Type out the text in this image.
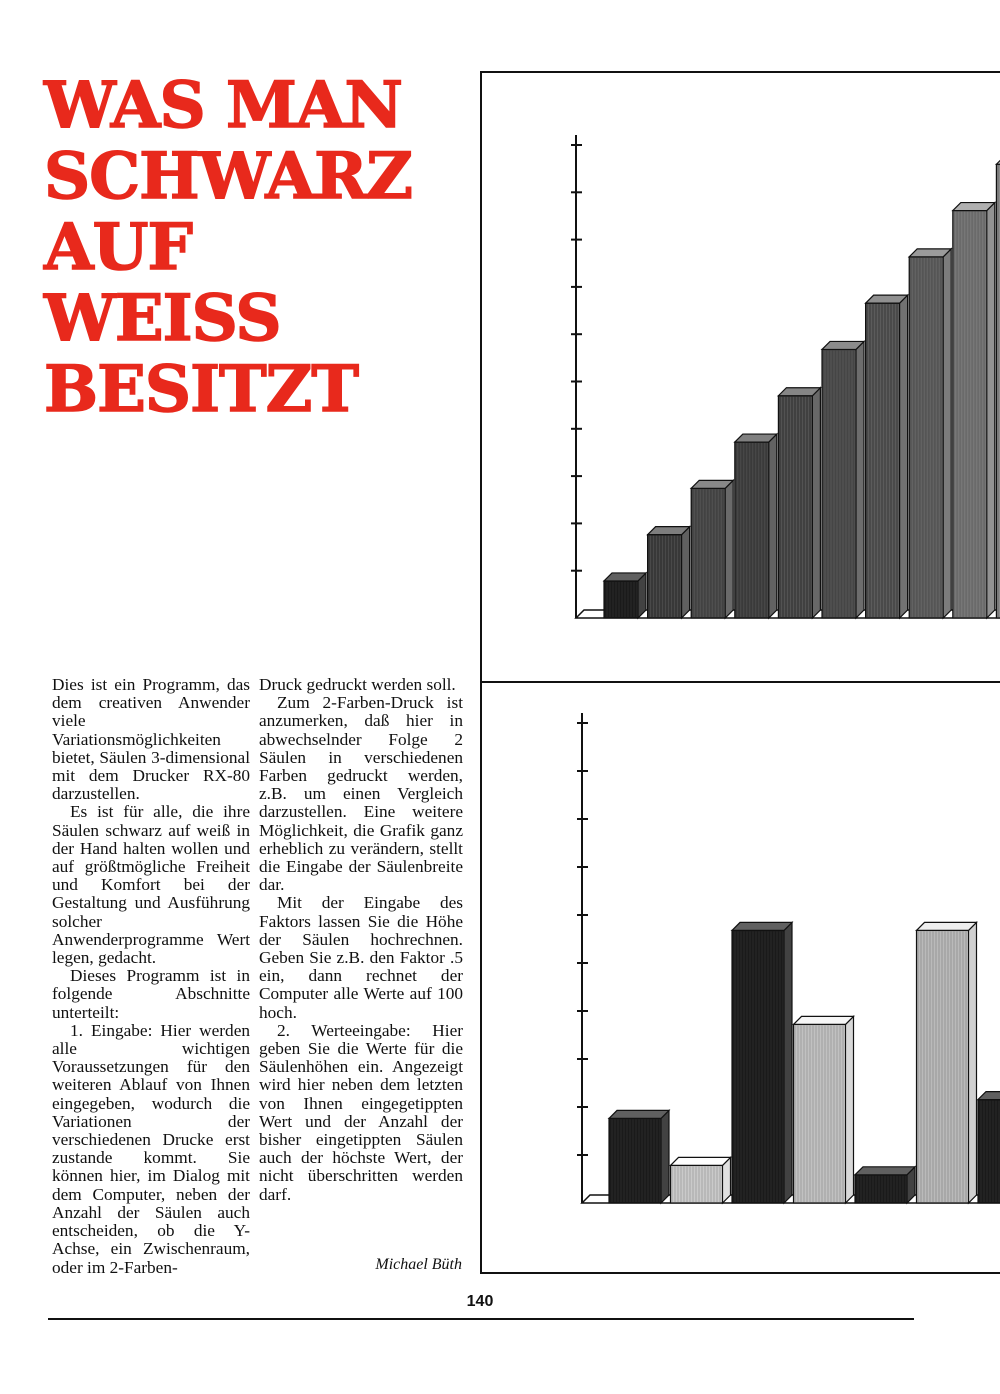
WAS MAN
SCHWARZ
AUF
WEISS
BESITZT

Dies ist ein Programm, das dem creativen Anwender viele Variationsmöglichkeiten bietet, Säulen 3-dimensional mit dem Drucker RX-80 darzustellen.

Es ist für alle, die ihre Säulen schwarz auf weiß in der Hand halten wollen und auf größtmögliche Freiheit und Komfort bei der Gestaltung und Ausführung solcher Anwenderprogramme Wert legen, gedacht.

Dieses Programm ist in folgende Abschnitte unterteilt:

1. Eingabe: Hier werden alle wichtigen Voraussetzungen für den weiteren Ablauf von Ihnen eingegeben, wodurch die Variationen der verschiedenen Drucke erst zustande kommt. Sie können hier, im Dialog mit dem Computer, neben der Anzahl der Säulen auch entscheiden, ob die Y-Achse, ein Zwischenraum, oder im 2-Farben-

Druck gedruckt werden soll.

Zum 2-Farben-Druck ist anzumerken, daß hier in abwechselnder Folge 2 Säulen in verschiedenen Farben gedruckt werden, z.B. um einen Vergleich darzustellen. Eine weitere Möglichkeit, die Grafik ganz erheblich zu verändern, stellt die Eingabe der Säulenbreite dar.

Mit der Eingabe des Faktors lassen Sie die Höhe der Säulen hochrechnen. Geben Sie z.B. den Faktor .5 ein, dann rechnet der Computer alle Werte auf 100 hoch.

2. Werteeingabe: Hier geben Sie die Werte für die Säulenhöhen ein. Angezeigt wird hier neben dem letzten von Ihnen eingegetippten Wert und der Anzahl der bisher eingetippten Säulen auch der höchste Wert, der nicht überschritten werden darf.

Michael Büth
140
